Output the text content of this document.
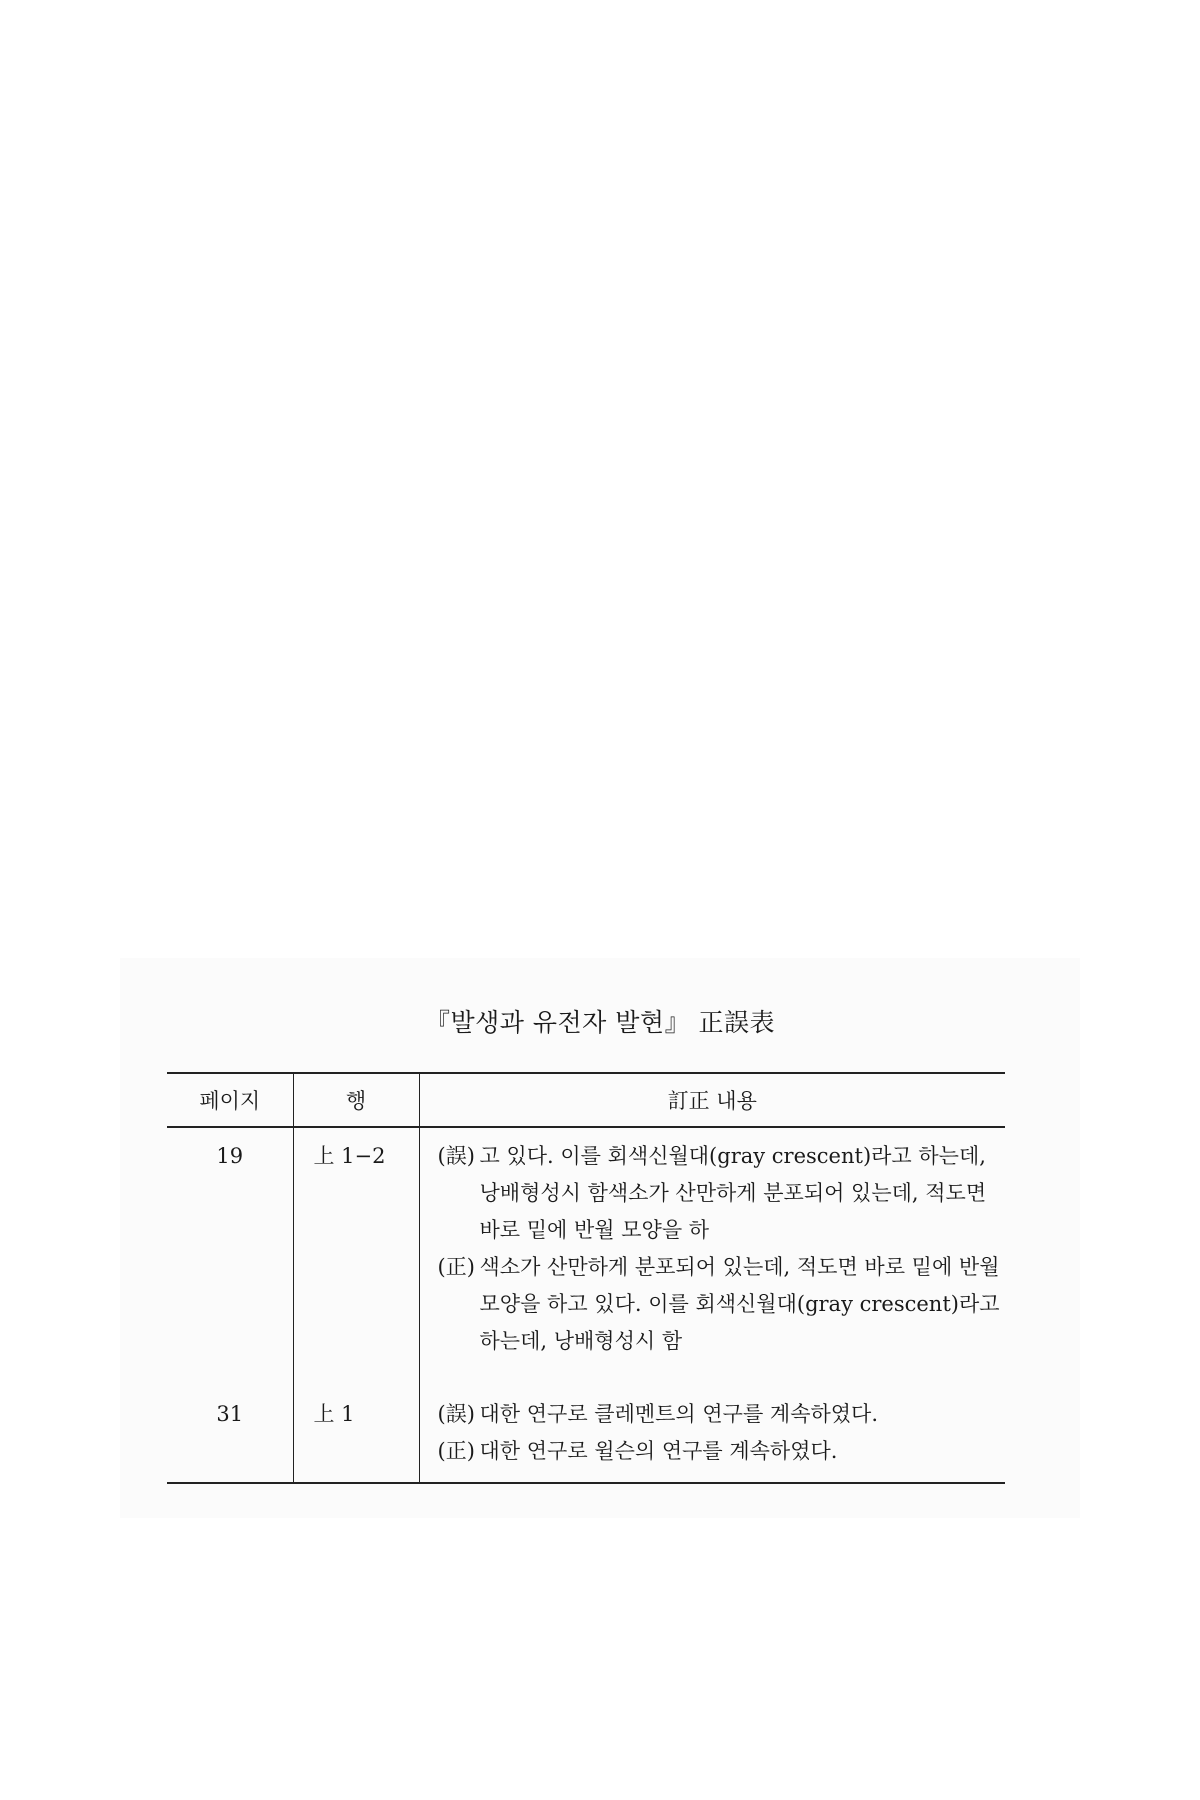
『발생과 유전자 발현』 正誤表
페이지	행	訂正 내용
19	上 1−2	(誤) 고 있다. 이를 회색신월대(gray crescent)라고 하는데, 낭배형성시 함색소가 산만하게 분포되어 있는데, 적도면 바로 밑에 반월 모양을 하
(正) 색소가 산만하게 분포되어 있는데, 적도면 바로 밑에 반월 모양을 하고 있다. 이를 회색신월대(gray crescent)라고 하는데, 낭배형성시 함

31	上 1	(誤) 대한 연구로 클레멘트의 연구를 계속하였다.
(正) 대한 연구로 윌슨의 연구를 계속하였다.
